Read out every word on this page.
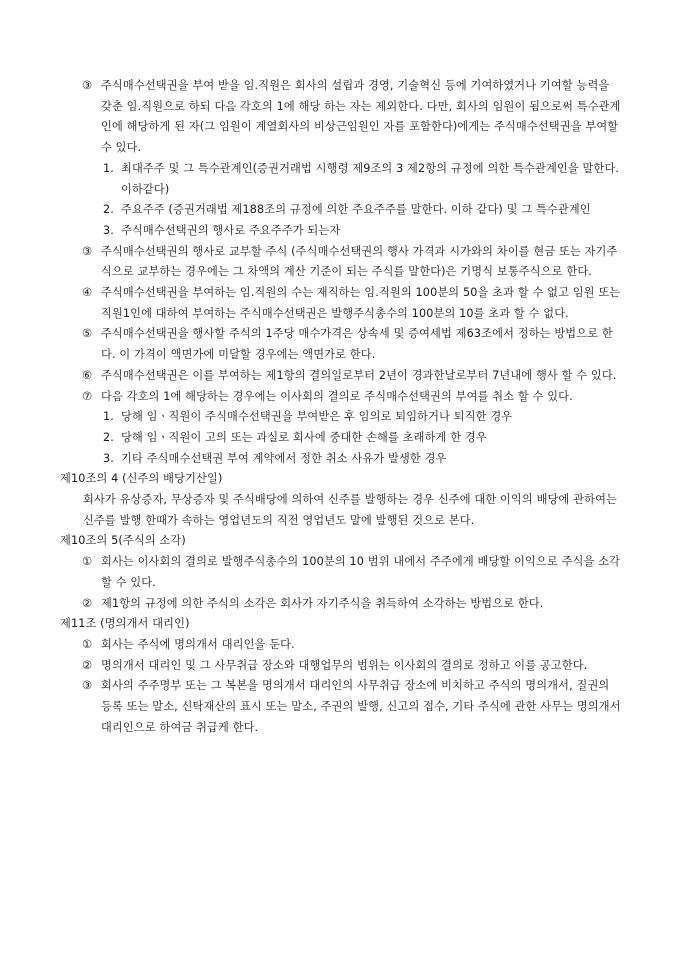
③ 주식매수선택권을 부여 받을 임.직원은 회사의 설립과 경영, 기술혁신 등에 기여하였거나 기여할 능력을 갖춘 임.직원으로 하되 다음 각호의 1에 해당 하는 자는 제외한다. 다만, 회사의 임원이 됨으로써 특수관계인에 해당하게 된 자(그 임원이 계열회사의 비상근임원인 자를 포함한다)에게는 주식매수선택권을 부여할 수 있다.
1. 최대주주 및 그 특수관계인(증권거래법 시행령 제9조의 3 제2항의 규정에 의한 특수관계인을 말한다. 이하같다)
2. 주요주주 (증권거래법 제188조의 규정에 의한 주요주주를 말한다. 이하 같다) 및 그 특수관계인
3. 주식매수선택권의 행사로 주요주주가 되는자
③ 주식매수선택권의 행사로 교부할 주식 (주식매수선택권의 행사 가격과 시가와의 차이를 현금 또는 자기주식으로 교부하는 경우에는 그 차액의 계산 기준이 되는 주식를 말한다)은 기명식 보통주식으로 한다.
④ 주식매수선택권을 부여하는 임.직원의 수는 재직하는 임.직원의 100분의 50을 초과 할 수 없고 임원 또는 직원1인에 대하여 부여하는 주식매수선택권은 발행주식총수의 100분의 10를 초과 할 수 없다.
⑤ 주식매수선택권을 행사할 주식의 1주당 매수가격은 상속세 및 증여세법 제63조에서 정하는 방법으로 한다. 이 가격이 액면가에 미달할 경우에는 액면가로 한다.
⑥ 주식매수선택권은 이를 부여하는 제1항의 결의일로부터 2년이 경과한날로부터 7년내에 행사 할 수 있다.
⑦ 다음 각호의 1에 해당하는 경우에는 이사회의 결의로 주식매수선택권의 부여를 취소 할 수 있다.
1. 당해 임ㆍ직원이 주식매수선택권을 부여받은 후 임의로 퇴임하거나 퇴직한 경우
2. 당해 임ㆍ직원이 고의 또는 과실로 회사에 중대한 손해를 초래하게 한 경우
3. 기타 주식매수선택권 부여 계약에서 정한 취소 사유가 발생한 경우
제10조의 4 (신주의 배당기산일)
회사가 유상증자, 무상증자 및 주식배당에 의하여 신주를 발행하는 경우 신주에 대한 이익의 배당에 관하여는 신주를 발행 한때가 속하는 영업년도의 직전 영업년도 말에 발행된 것으로 본다.
제10조의 5(주식의 소각)
① 회사는 이사회의 결의로 발행주식총수의 100분의 10 범위 내에서 주주에게 배당할 이익으로 주식을 소각할 수 있다.
② 제1항의 규정에 의한 주식의 소각은 회사가 자기주식을 취득하여 소각하는 방법으로 한다.
제11조 (명의개서 대리인)
① 회사는 주식에 명의개서 대리인을 둔다.
② 명의개서 대리인 및 그 사무취급 장소와 대행업무의 범위는 이사회의 결의로 정하고 이를 공고한다.
③ 회사의 주주명부 또는 그 복본을 명의개서 대리인의 사무취급 장소에 비치하고 주식의 명의개서, 질권의 등록 또는 말소, 신탁재산의 표시 또는 말소, 주권의 발행, 신고의 접수, 기타 주식에 관한 사무는 명의개서 대리인으로 하여금 취급케 한다.
